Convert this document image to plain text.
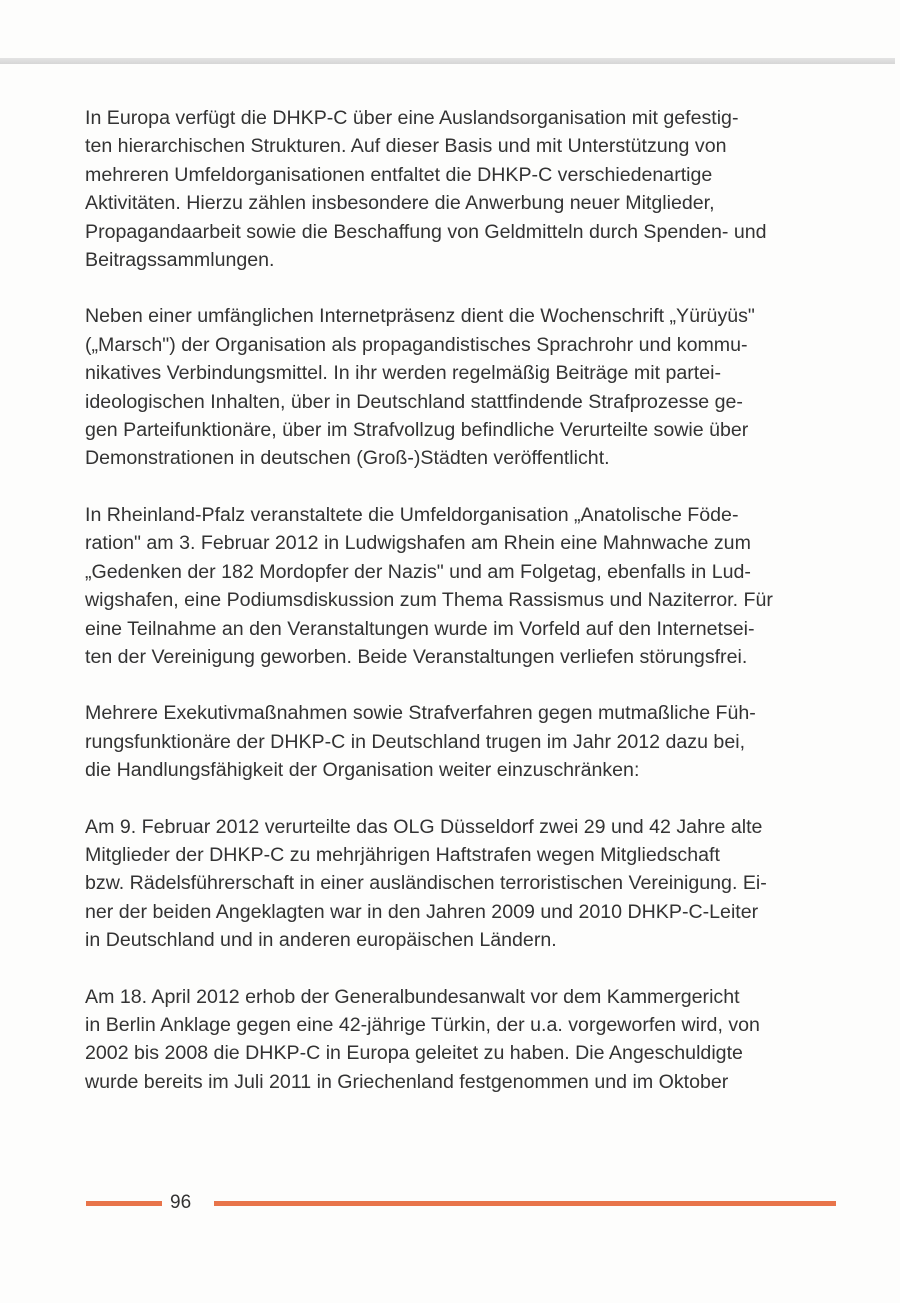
In Europa verfügt die DHKP-C über eine Auslandsorganisation mit gefestig-
ten hierarchischen Strukturen. Auf dieser Basis und mit Unterstützung von
mehreren Umfeldorganisationen entfaltet die DHKP-C verschiedenartige
Aktivitäten. Hierzu zählen insbesondere die Anwerbung neuer Mitglieder,
Propagandaarbeit sowie die Beschaffung von Geldmitteln durch Spenden- und
Beitragssammlungen.

Neben einer umfänglichen Internetpräsenz dient die Wochenschrift „Yürüyüs"
(„Marsch") der Organisation als propagandistisches Sprachrohr und kommu-
nikatives Verbindungsmittel. In ihr werden regelmäßig Beiträge mit partei-
ideologischen Inhalten, über in Deutschland stattfindende Strafprozesse ge-
gen Parteifunktionäre, über im Strafvollzug befindliche Verurteilte sowie über
Demonstrationen in deutschen (Groß-)Städten veröffentlicht.

In Rheinland-Pfalz veranstaltete die Umfeldorganisation „Anatolische Föde-
ration" am 3. Februar 2012 in Ludwigshafen am Rhein eine Mahnwache zum
„Gedenken der 182 Mordopfer der Nazis" und am Folgetag, ebenfalls in Lud-
wigshafen, eine Podiumsdiskussion zum Thema Rassismus und Naziterror. Für
eine Teilnahme an den Veranstaltungen wurde im Vorfeld auf den Internetsei-
ten der Vereinigung geworben. Beide Veranstaltungen verliefen störungsfrei.

Mehrere Exekutivmaßnahmen sowie Strafverfahren gegen mutmaßliche Füh-
rungsfunktionäre der DHKP-C in Deutschland trugen im Jahr 2012 dazu bei,
die Handlungsfähigkeit der Organisation weiter einzuschränken:

Am 9. Februar 2012 verurteilte das OLG Düsseldorf zwei 29 und 42 Jahre alte
Mitglieder der DHKP-C zu mehrjährigen Haftstrafen wegen Mitgliedschaft
bzw. Rädelsführerschaft in einer ausländischen terroristischen Vereinigung. Ei-
ner der beiden Angeklagten war in den Jahren 2009 und 2010 DHKP-C-Leiter
in Deutschland und in anderen europäischen Ländern.

Am 18. April 2012 erhob der Generalbundesanwalt vor dem Kammergericht
in Berlin Anklage gegen eine 42-jährige Türkin, der u.a. vorgeworfen wird, von
2002 bis 2008 die DHKP-C in Europa geleitet zu haben. Die Angeschuldigte
wurde bereits im Juli 2011 in Griechenland festgenommen und im Oktober

96
